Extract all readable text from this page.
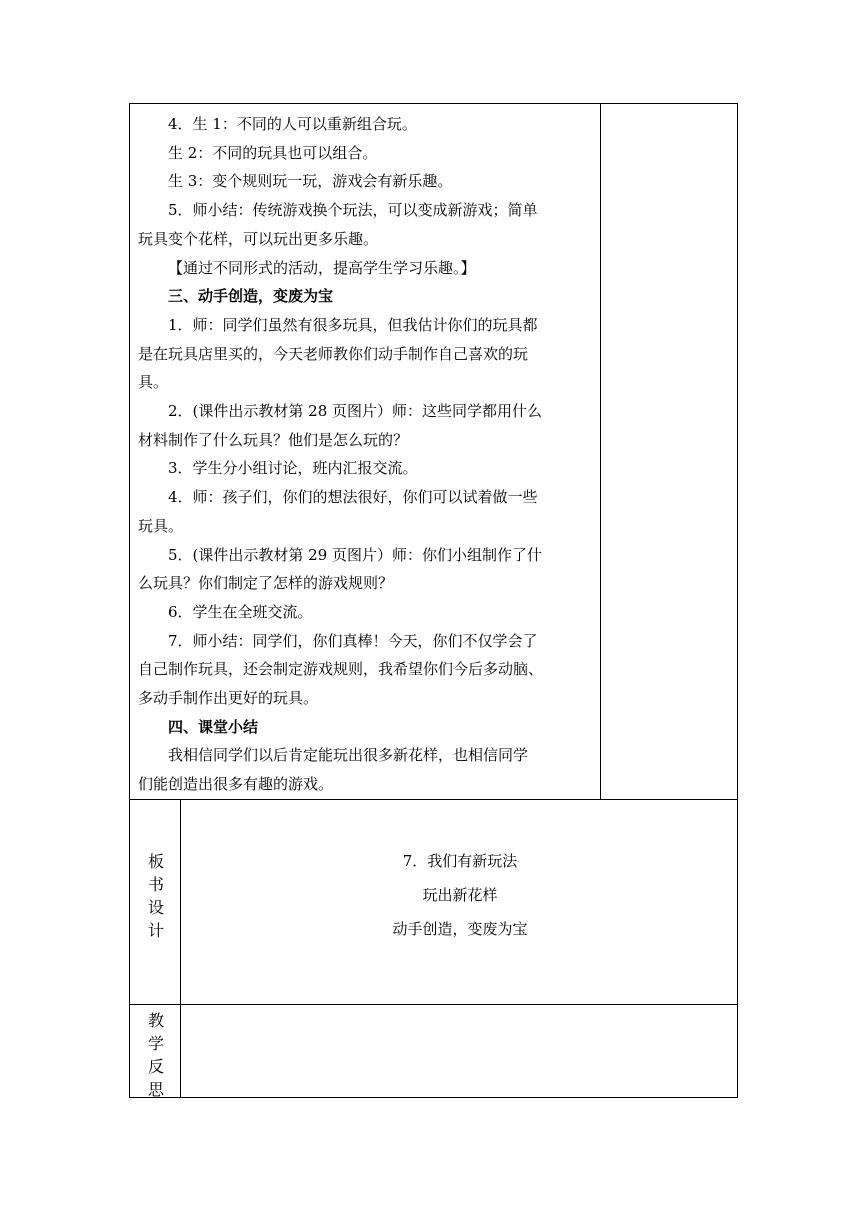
4．生 1：不同的人可以重新组合玩。

生 2：不同的玩具也可以组合。

生 3：变个规则玩一玩，游戏会有新乐趣。

5．师小结：传统游戏换个玩法，可以变成新游戏；简单

玩具变个花样，可以玩出更多乐趣。

【通过不同形式的活动，提高学生学习乐趣。】

三、动手创造，变废为宝

1．师：同学们虽然有很多玩具，但我估计你们的玩具都

是在玩具店里买的，今天老师教你们动手制作自己喜欢的玩

具。

2．(课件出示教材第 28 页图片）师：这些同学都用什么

材料制作了什么玩具？他们是怎么玩的？

3．学生分小组讨论，班内汇报交流。

4．师：孩子们，你们的想法很好，你们可以试着做一些

玩具。

5．(课件出示教材第 29 页图片）师：你们小组制作了什

么玩具？你们制定了怎样的游戏规则？

6．学生在全班交流。

7．师小结：同学们，你们真棒！今天，你们不仅学会了

自己制作玩具，还会制定游戏规则，我希望你们今后多动脑、

多动手制作出更好的玩具。

四、课堂小结

我相信同学们以后肯定能玩出很多新花样，也相信同学

们能创造出很多有趣的游戏。

板
书
设
计
7．我们有新玩法
玩出新花样
动手创造，变废为宝
教
学
反
思
